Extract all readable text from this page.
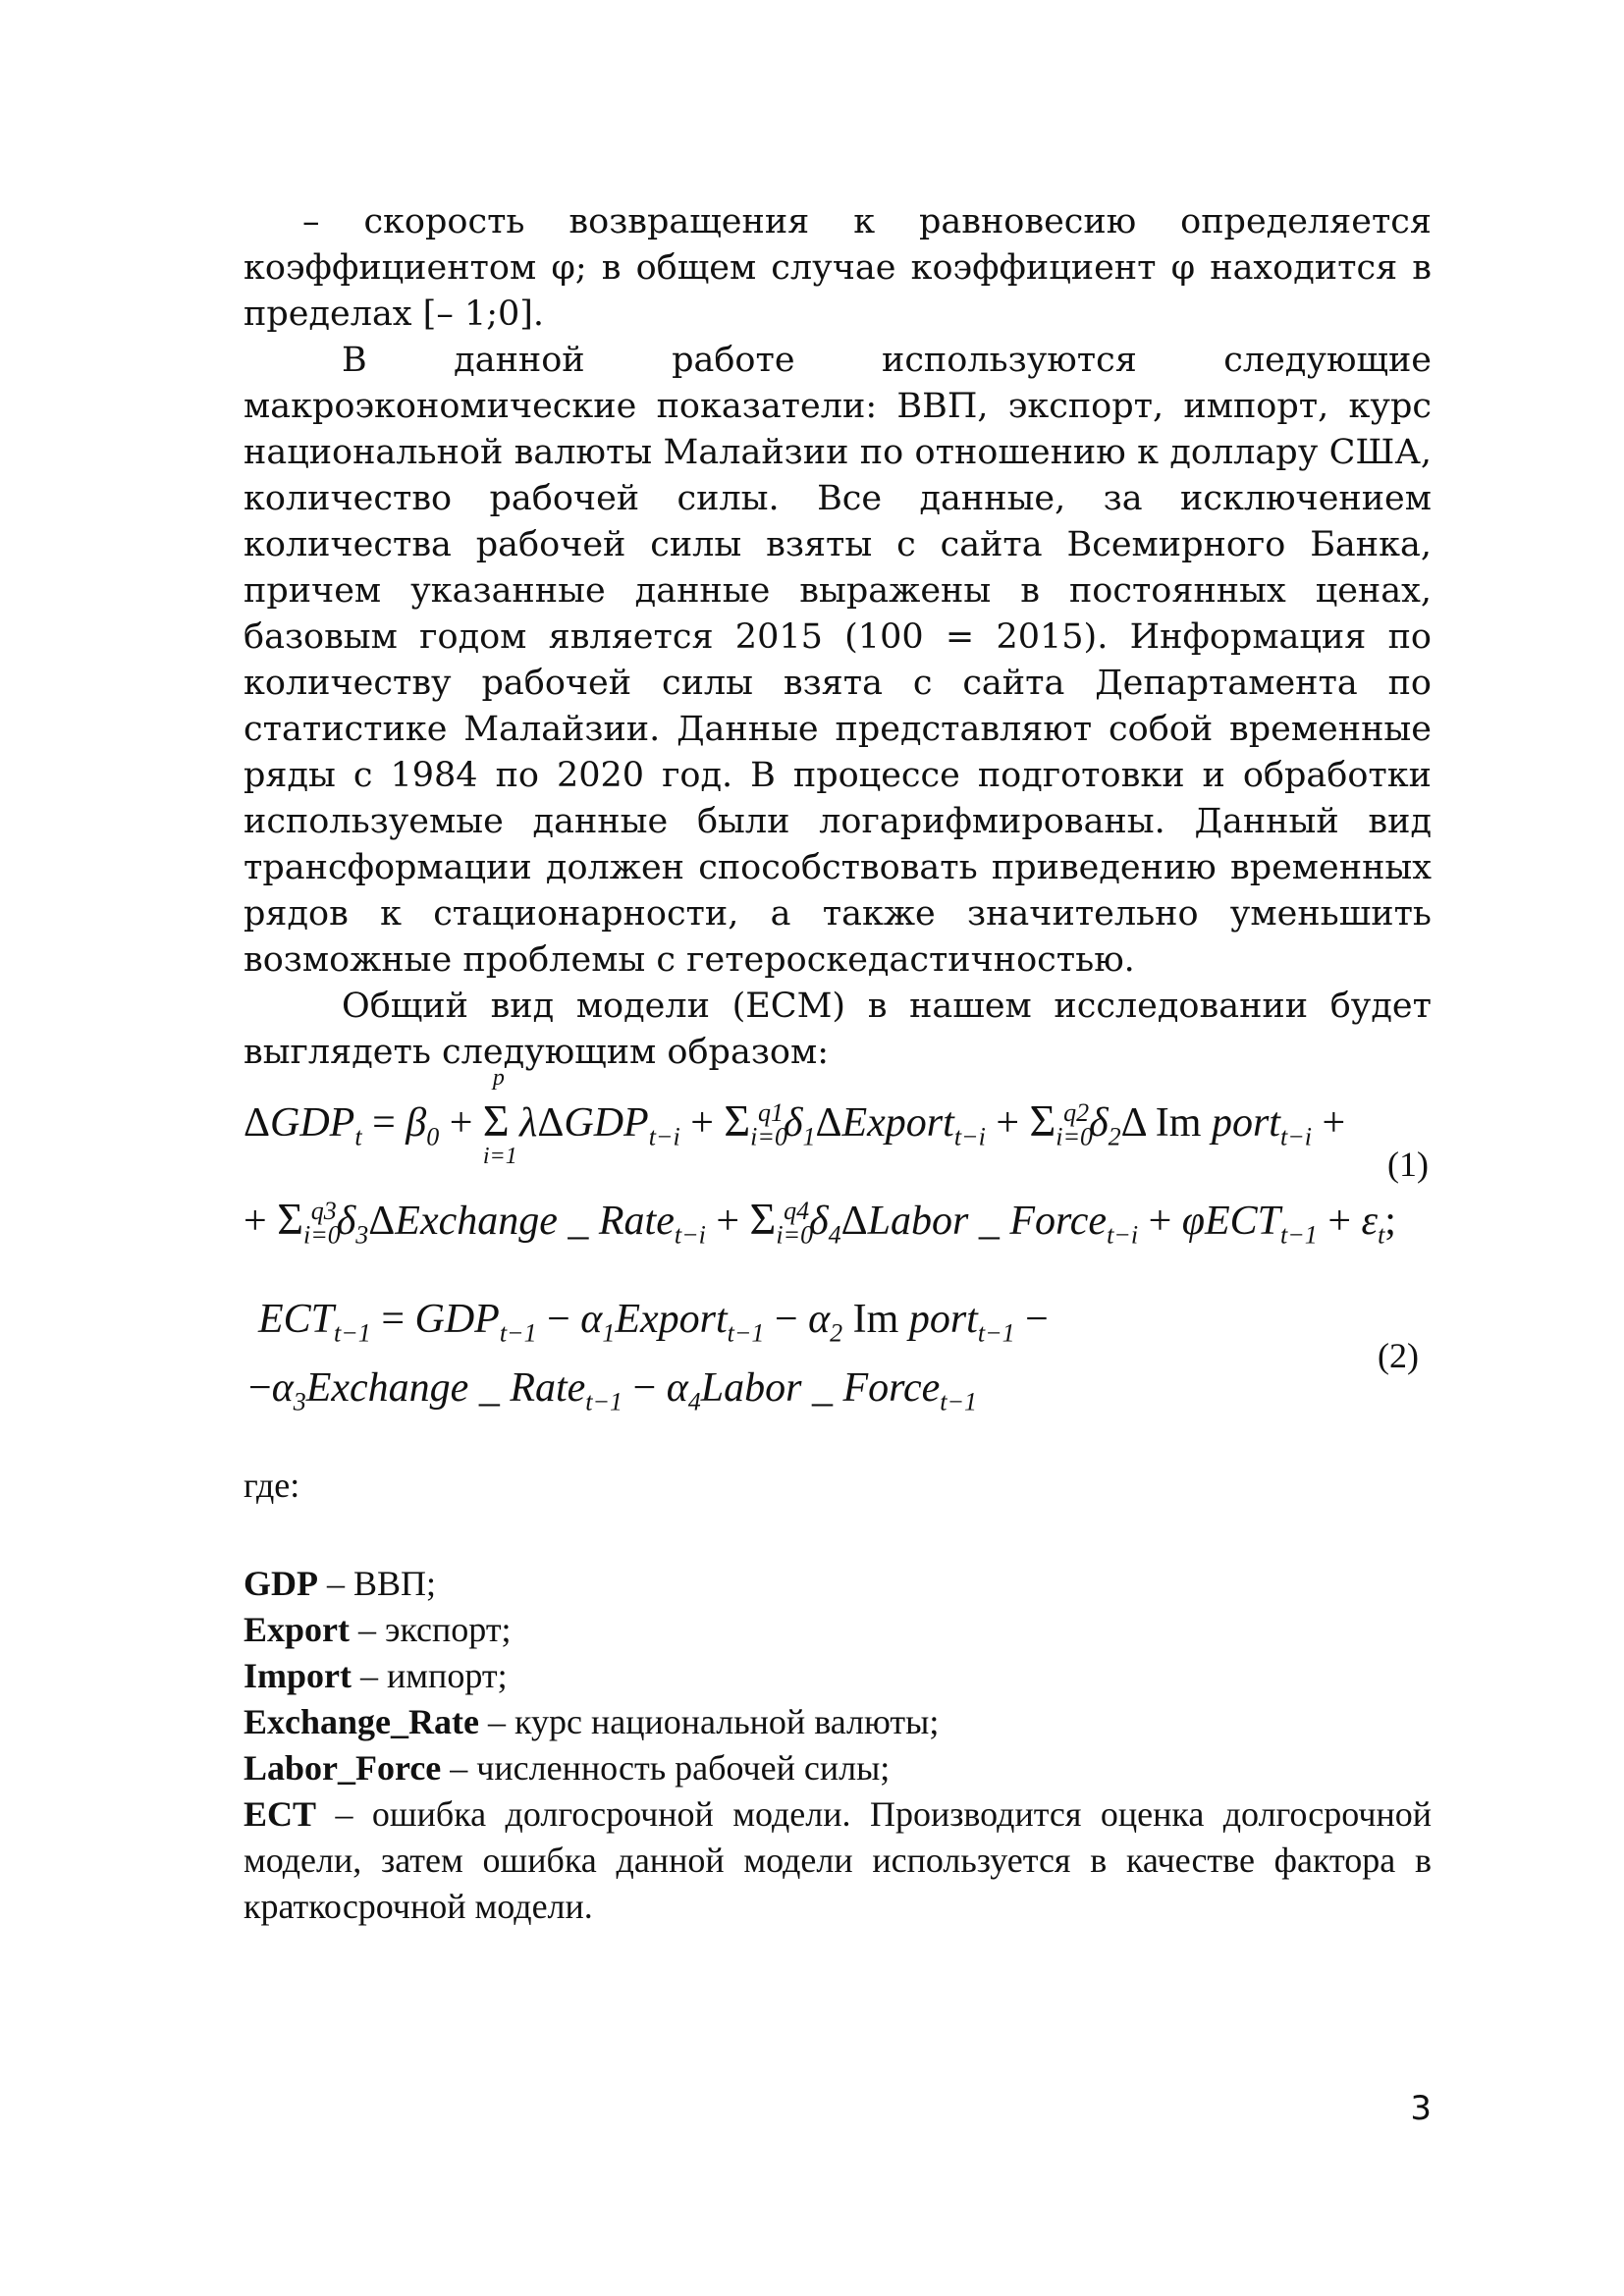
– скорость возвращения к равновесию определяется коэффициентом φ; в общем случае коэффициент φ находится в пределах [– 1;0].

В данной работе используются следующие макроэкономические показатели: ВВП, экспорт, импорт, курс национальной валюты Малайзии по отношению к доллару США, количество рабочей силы. Все данные, за исключением количества рабочей силы взяты с сайта Всемирного Банка, причем указанные данные выражены в постоянных ценах, базовым годом является 2015 (100 = 2015). Информация по количеству рабочей силы взята с сайта Департамента по статистике Малайзии. Данные представляют собой временные ряды с 1984 по 2020 год. В процессе подготовки и обработки используемые данные были логарифмированы. Данный вид трансформации должен способствовать приведению временных рядов к стационарности, а также значительно уменьшить возможные проблемы с гетероскедастичностью.

Общий вид модели (ECM) в нашем исследовании будет выглядеть следующим образом:

$\Delta GDP_t = \beta_0 + \Sigma$
p
i=1
$\lambda\Delta GDP_{t-i} + \Sigma_{i=0}^{q1}\delta_1\Delta Export_{t-i} + \Sigma_{i=0}^{q2}\delta_2\Delta$ Im port$_{t-i}$ +
+ $\Sigma_{i=0}^{q3}\delta_3\Delta Exchange$ _ Rate$_{t-i}$ + $\Sigma_{i=0}^{q4}\delta_4\Delta Labor$ _ Force$_{t-i}$ + $\varphi ECT_{t-1} + \varepsilon_t$;
(1)
$ECT_{t-1} = GDP_{t-1}$ − $\alpha_1Export_{t-1} - \alpha_2$ Im port$_{t-1}$ −
$-\alpha_3Exchange$ _ Rate$_{t-1}$ − $\alpha_4Labor$ _ Force$_{t-1}$
(2)
где:

GDP – ВВП;

Export – экспорт;

Import – импорт;

Exchange_Rate – курс национальной валюты;

Labor_Force – численность рабочей силы;

ECT – ошибка долгосрочной модели. Производится оценка долгосрочной модели, затем ошибка данной модели используется в качестве фактора в краткосрочной модели.

3
